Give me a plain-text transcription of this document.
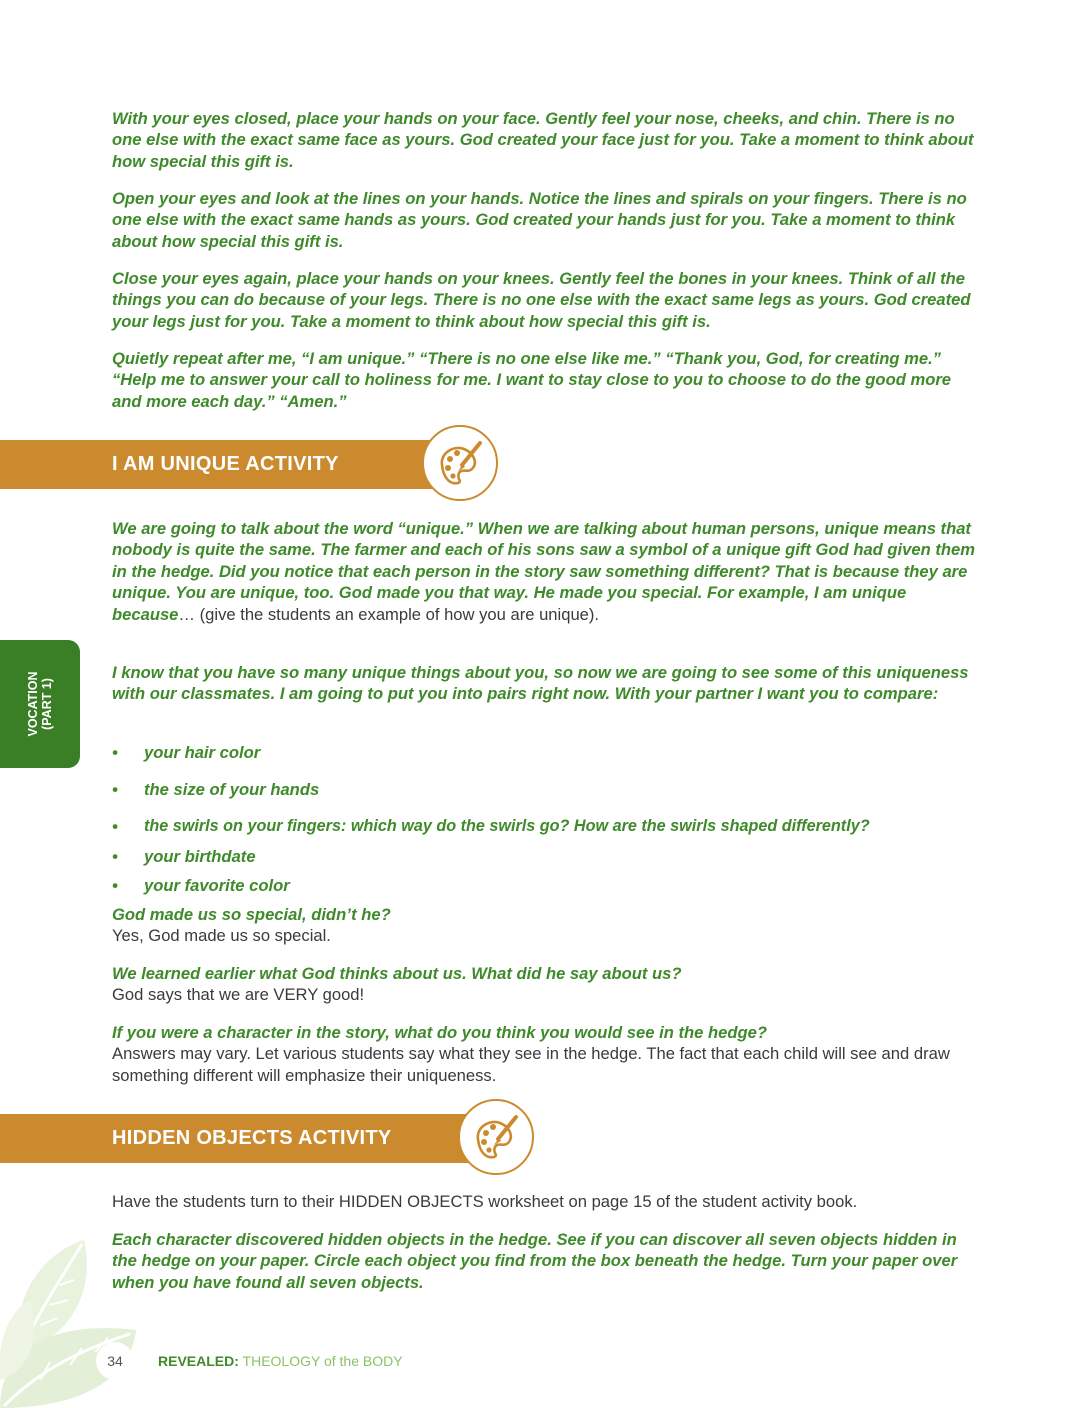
With your eyes closed, place your hands on your face. Gently feel your nose, cheeks, and chin. There is no one else with the exact same face as yours. God created your face just for you. Take a moment to think about how special this gift is.

Open your eyes and look at the lines on your hands. Notice the lines and spirals on your fingers. There is no one else with the exact same hands as yours. God created your hands just for you. Take a moment to think about how special this gift is.

Close your eyes again, place your hands on your knees. Gently feel the bones in your knees. Think of all the things you can do because of your legs. There is no one else with the exact same legs as yours. God created your legs just for you. Take a moment to think about how special this gift is.

Quietly repeat after me, “I am unique.” “There is no one else like me.” “Thank you, God, for creating me.” “Help me to answer your call to holiness for me. I want to stay close to you to choose to do the good more and more each day.” “Amen.”

I AM UNIQUE ACTIVITY

We are going to talk about the word “unique.” When we are talking about human persons, unique means that nobody is quite the same. The farmer and each of his sons saw a symbol of a unique gift God had given them in the hedge. Did you notice that each person in the story saw something different? That is because they are unique. You are unique, too. God made you that way. He made you special. For example, I am unique because… (give the students an example of how you are unique).

I know that you have so many unique things about you, so now we are going to see some of this uniqueness with our classmates. I am going to put you into pairs right now. With your partner I want you to compare:

• your hair color
• the size of your hands
• the swirls on your fingers: which way do the swirls go? How are the swirls shaped differently?
• your birthdate
• your favorite color
God made us so special, didn’t he?
Yes, God made us so special.
We learned earlier what God thinks about us. What did he say about us?
God says that we are VERY good!
If you were a character in the story, what do you think you would see in the hedge?
Answers may vary. Let various students say what they see in the hedge. The fact that each child will see and draw something different will emphasize their uniqueness.
HIDDEN OBJECTS ACTIVITY

Have the students turn to their HIDDEN OBJECTS worksheet on page 15 of the student activity book.

Each character discovered hidden objects in the hedge. See if you can discover all seven objects hidden in the hedge on your paper. Circle each object you find from the box beneath the hedge. Turn your paper over when you have found all seven objects.

VOCATION (PART 1)
34	REVEALED: THEOLOGY of the BODY
